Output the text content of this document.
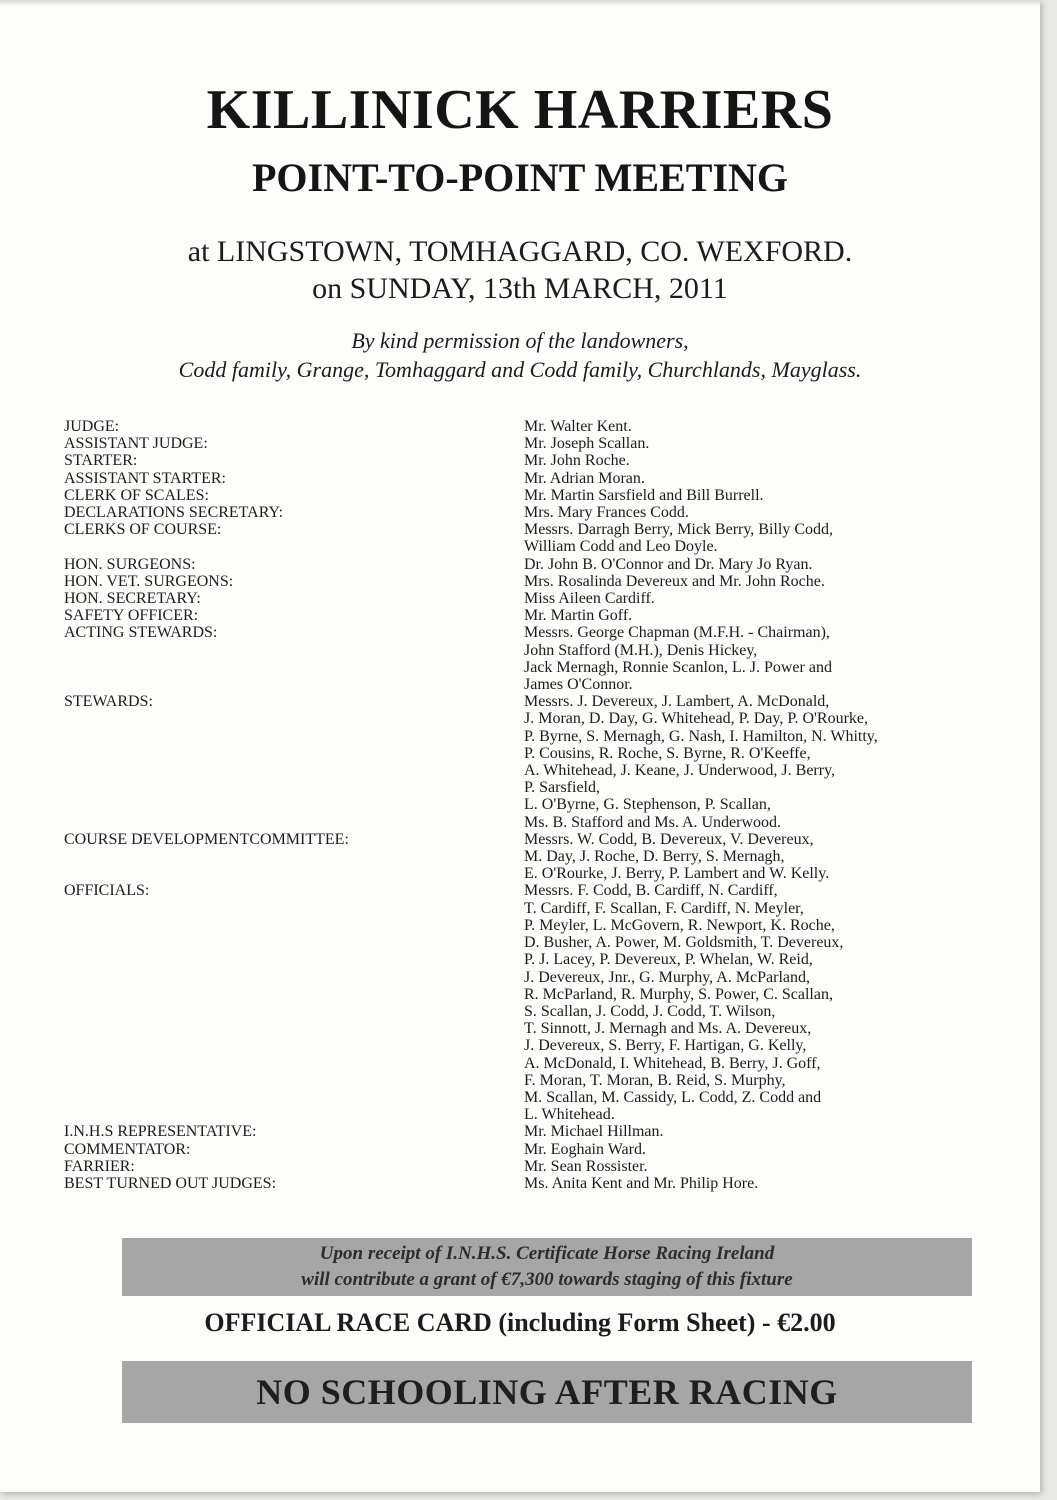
KILLINICK HARRIERS
POINT-TO-POINT MEETING
at LINGSTOWN, TOMHAGGARD, CO. WEXFORD.
on SUNDAY, 13th MARCH, 2011
By kind permission of the landowners,
Codd family, Grange, Tomhaggard and Codd family, Churchlands, Mayglass.
JUDGE:	Mr. Walter Kent.
ASSISTANT JUDGE:	Mr. Joseph Scallan.
STARTER:	Mr. John Roche.
ASSISTANT STARTER:	Mr. Adrian Moran.
CLERK OF SCALES:	Mr. Martin Sarsfield and Bill Burrell.
DECLARATIONS SECRETARY:	Mrs. Mary Frances Codd.
CLERKS OF COURSE:	Messrs. Darragh Berry, Mick Berry, Billy Codd,
William Codd and Leo Doyle.
HON. SURGEONS:	Dr. John B. O'Connor and Dr. Mary Jo Ryan.
HON. VET. SURGEONS:	Mrs. Rosalinda Devereux and Mr. John Roche.
HON. SECRETARY:	Miss Aileen Cardiff.
SAFETY OFFICER:	Mr. Martin Goff.
ACTING STEWARDS:	Messrs. George Chapman (M.F.H. - Chairman),
John Stafford (M.H.), Denis Hickey,
Jack Mernagh, Ronnie Scanlon, L. J. Power and
James O'Connor.
STEWARDS:	Messrs. J. Devereux, J. Lambert, A. McDonald,
J. Moran, D. Day, G. Whitehead, P. Day, P. O'Rourke,
P. Byrne, S. Mernagh, G. Nash, I. Hamilton, N. Whitty,
P. Cousins, R. Roche, S. Byrne, R. O'Keeffe,
A. Whitehead, J. Keane, J. Underwood, J. Berry,
P. Sarsfield,
L. O'Byrne, G. Stephenson, P. Scallan,
Ms. B. Stafford and Ms. A. Underwood.
COURSE DEVELOPMENTCOMMITTEE:	Messrs. W. Codd, B. Devereux, V. Devereux,
M. Day, J. Roche, D. Berry, S. Mernagh,
E. O'Rourke, J. Berry, P. Lambert and W. Kelly.
OFFICIALS:	Messrs. F. Codd, B. Cardiff, N. Cardiff,
T. Cardiff, F. Scallan, F. Cardiff, N. Meyler,
P. Meyler, L. McGovern, R. Newport, K. Roche,
D. Busher, A. Power, M. Goldsmith, T. Devereux,
P. J. Lacey, P. Devereux, P. Whelan, W. Reid,
J. Devereux, Jnr., G. Murphy, A. McParland,
R. McParland, R. Murphy, S. Power, C. Scallan,
S. Scallan, J. Codd, J. Codd, T. Wilson,
T. Sinnott, J. Mernagh and Ms. A. Devereux,
J. Devereux, S. Berry, F. Hartigan, G. Kelly,
A. McDonald, I. Whitehead, B. Berry, J. Goff,
F. Moran, T. Moran, B. Reid, S. Murphy,
M. Scallan, M. Cassidy, L. Codd, Z. Codd and
L. Whitehead.
I.N.H.S REPRESENTATIVE:	Mr. Michael Hillman.
COMMENTATOR:	Mr. Eoghain Ward.
FARRIER:	Mr. Sean Rossister.
BEST TURNED OUT JUDGES:	Ms. Anita Kent and Mr. Philip Hore.
Upon receipt of I.N.H.S. Certificate Horse Racing Ireland
will contribute a grant of €7,300 towards staging of this fixture
OFFICIAL RACE CARD (including Form Sheet) - €2.00
NO SCHOOLING AFTER RACING
